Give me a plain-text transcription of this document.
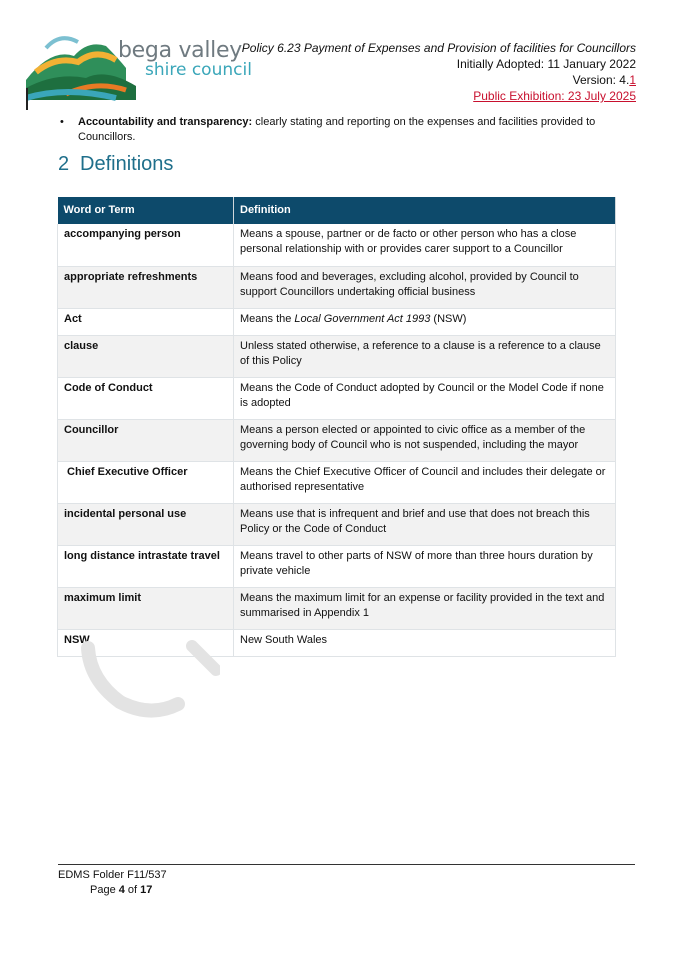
bega valley
shire council
Policy 6.23 Payment of Expenses and Provision of facilities for Councillors
Initially Adopted: 11 January 2022
Version: 4.1
Public Exhibition: 23 July 2025
• Accountability and transparency: clearly stating and reporting on the expenses and facilities provided to Councillors.
2 Definitions
Word or Term	Definition
accompanying person	Means a spouse, partner or de facto or other person who has a close personal relationship with or provides carer support to a Councillor
appropriate refreshments	Means food and beverages, excluding alcohol, provided by Council to support Councillors undertaking official business
Act	Means the Local Government Act 1993 (NSW)
clause	Unless stated otherwise, a reference to a clause is a reference to a clause of this Policy
Code of Conduct	Means the Code of Conduct adopted by Council or the Model Code if none is adopted
Councillor	Means a person elected or appointed to civic office as a member of the governing body of Council who is not suspended, including the mayor
Chief Executive Officer	Means the Chief Executive Officer of Council and includes their delegate or authorised representative
incidental personal use	Means use that is infrequent and brief and use that does not breach this Policy or the Code of Conduct
long distance intrastate travel	Means travel to other parts of NSW of more than three hours duration by private vehicle
maximum limit	Means the maximum limit for an expense or facility provided in the text and summarised in Appendix 1
NSW	New South Wales
EDMS Folder F11/537
Page 4 of 17
